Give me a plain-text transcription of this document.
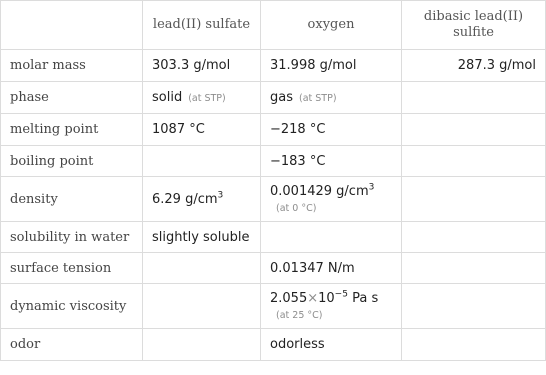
	lead(II) sulfate	oxygen	dibasic lead(II) sulfite
molar mass	303.3 g/mol	31.998 g/mol	287.3 g/mol
phase	solid (at STP)	gas (at STP)	
melting point	1087 °C	−218 °C	
boiling point		−183 °C	
density	6.29 $g/cm^3$	0.001429 $g/cm^3$
(at 0 °C)	

solubility in water	slightly soluble		
surface tension		0.01347 N/m	
dynamic viscosity		$2.055\times 10^{-5}$ Pa s
(at 25 °C)	

odor		odorless	
